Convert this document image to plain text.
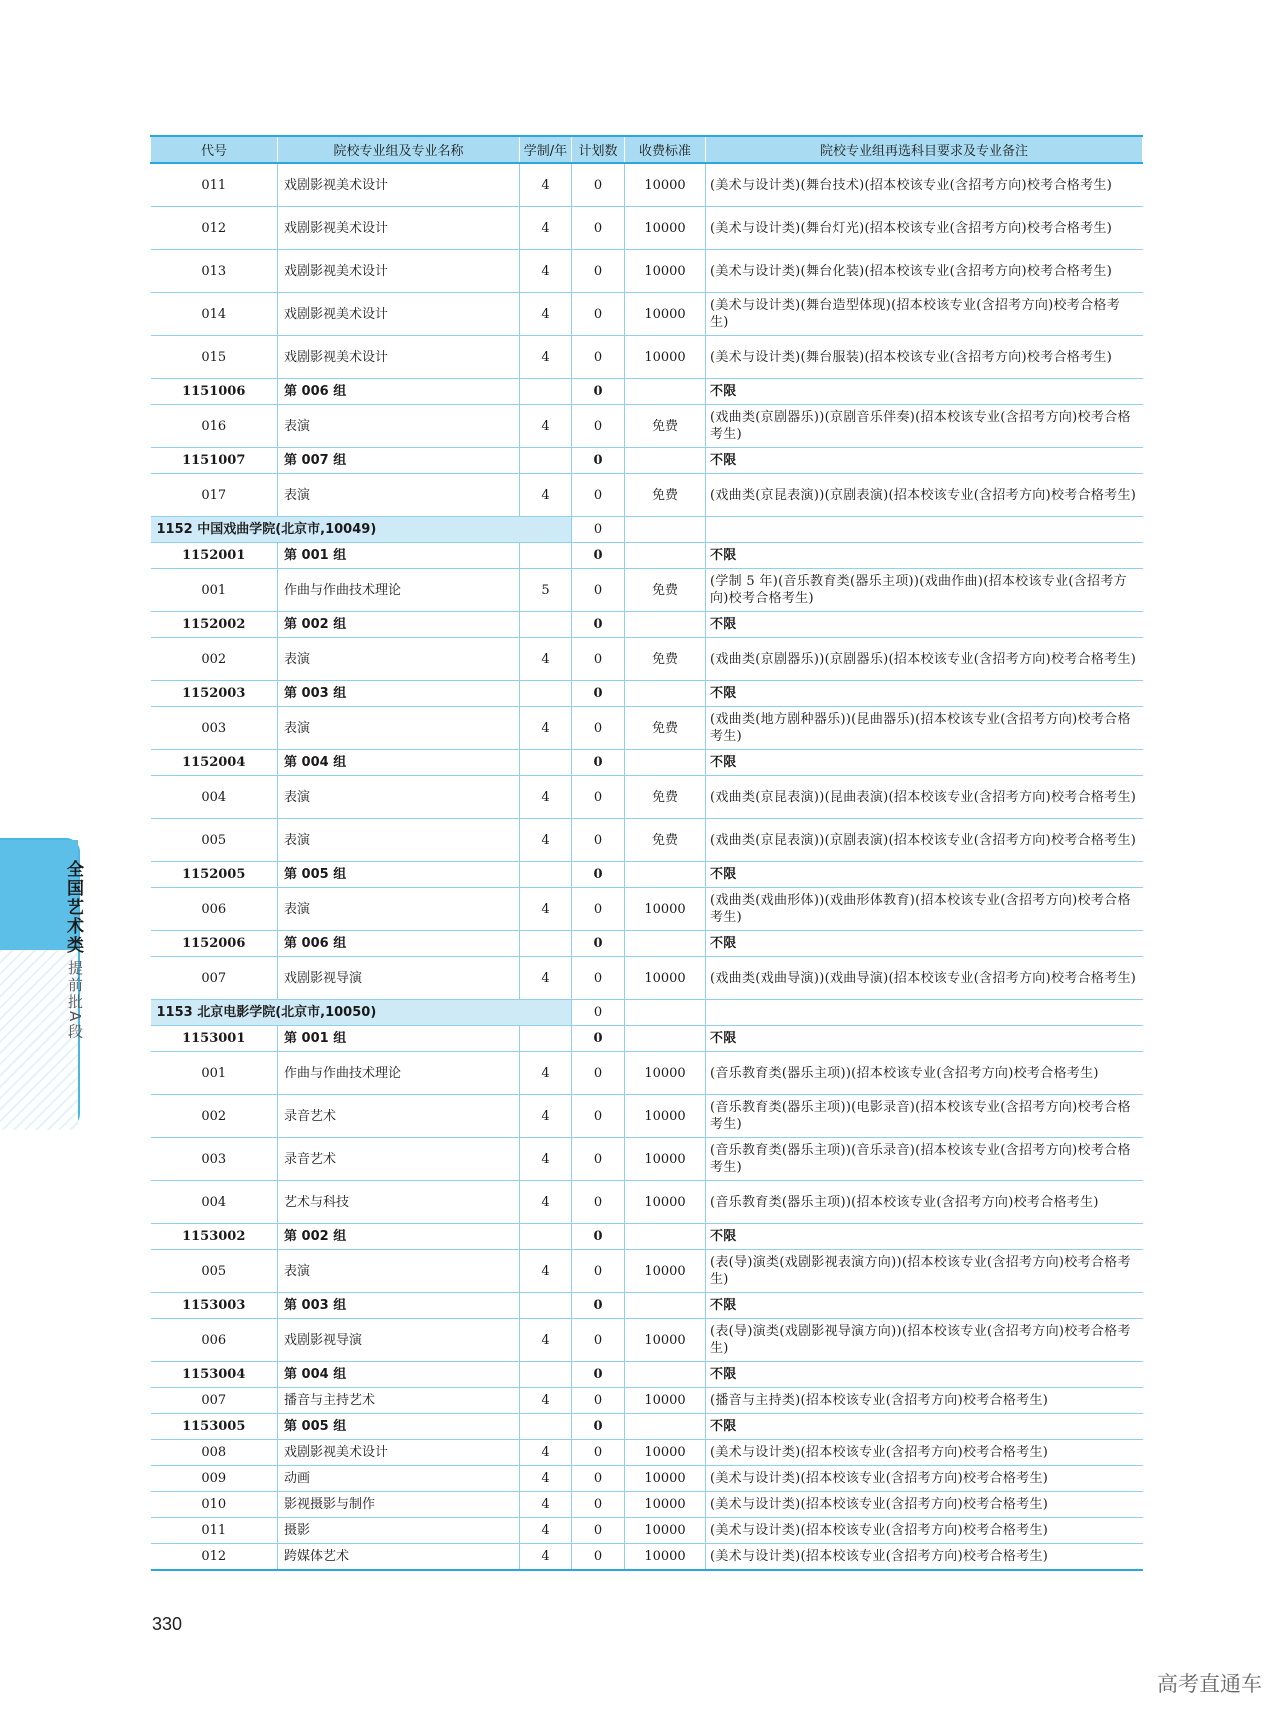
代号	院校专业组及专业名称	学制/年	计划数	收费标准	院校专业组再选科目要求及专业备注
011	戏剧影视美术设计	4	0	10000	(美术与设计类)(舞台技术)(招本校该专业(含招考方向)校考合格考生)
012	戏剧影视美术设计	4	0	10000	(美术与设计类)(舞台灯光)(招本校该专业(含招考方向)校考合格考生)
013	戏剧影视美术设计	4	0	10000	(美术与设计类)(舞台化装)(招本校该专业(含招考方向)校考合格考生)
014	戏剧影视美术设计	4	0	10000	(美术与设计类)(舞台造型体现)(招本校该专业(含招考方向)校考合格考生)
015	戏剧影视美术设计	4	0	10000	(美术与设计类)(舞台服装)(招本校该专业(含招考方向)校考合格考生)
1151006	第 006 组		0		不限
016	表演	4	0	免费	(戏曲类(京剧器乐))(京剧音乐伴奏)(招本校该专业(含招考方向)校考合格考生)
1151007	第 007 组		0		不限
017	表演	4	0	免费	(戏曲类(京昆表演))(京剧表演)(招本校该专业(含招考方向)校考合格考生)
1152 中国戏曲学院(北京市,10049)			0		
1152001	第 001 组		0		不限
001	作曲与作曲技术理论	5	0	免费	(学制 5 年)(音乐教育类(器乐主项))(戏曲作曲)(招本校该专业(含招考方向)校考合格考生)
1152002	第 002 组		0		不限
002	表演	4	0	免费	(戏曲类(京剧器乐))(京剧器乐)(招本校该专业(含招考方向)校考合格考生)
1152003	第 003 组		0		不限
003	表演	4	0	免费	(戏曲类(地方剧种器乐))(昆曲器乐)(招本校该专业(含招考方向)校考合格考生)
1152004	第 004 组		0		不限
004	表演	4	0	免费	(戏曲类(京昆表演))(昆曲表演)(招本校该专业(含招考方向)校考合格考生)
005	表演	4	0	免费	(戏曲类(京昆表演))(京剧表演)(招本校该专业(含招考方向)校考合格考生)
1152005	第 005 组		0		不限
006	表演	4	0	10000	(戏曲类(戏曲形体))(戏曲形体教育)(招本校该专业(含招考方向)校考合格考生)
1152006	第 006 组		0		不限
007	戏剧影视导演	4	0	10000	(戏曲类(戏曲导演))(戏曲导演)(招本校该专业(含招考方向)校考合格考生)
1153 北京电影学院(北京市,10050)			0		
1153001	第 001 组		0		不限
001	作曲与作曲技术理论	4	0	10000	(音乐教育类(器乐主项))(招本校该专业(含招考方向)校考合格考生)
002	录音艺术	4	0	10000	(音乐教育类(器乐主项))(电影录音)(招本校该专业(含招考方向)校考合格考生)
003	录音艺术	4	0	10000	(音乐教育类(器乐主项))(音乐录音)(招本校该专业(含招考方向)校考合格考生)
004	艺术与科技	4	0	10000	(音乐教育类(器乐主项))(招本校该专业(含招考方向)校考合格考生)
1153002	第 002 组		0		不限
005	表演	4	0	10000	(表(导)演类(戏剧影视表演方向))(招本校该专业(含招考方向)校考合格考生)
1153003	第 003 组		0		不限
006	戏剧影视导演	4	0	10000	(表(导)演类(戏剧影视导演方向))(招本校该专业(含招考方向)校考合格考生)
1153004	第 004 组		0		不限
007	播音与主持艺术	4	0	10000	(播音与主持类)(招本校该专业(含招考方向)校考合格考生)
1153005	第 005 组		0		不限
008	戏剧影视美术设计	4	0	10000	(美术与设计类)(招本校该专业(含招考方向)校考合格考生)
009	动画	4	0	10000	(美术与设计类)(招本校该专业(含招考方向)校考合格考生)
010	影视摄影与制作	4	0	10000	(美术与设计类)(招本校该专业(含招考方向)校考合格考生)
011	摄影	4	0	10000	(美术与设计类)(招本校该专业(含招考方向)校考合格考生)
012	跨媒体艺术	4	0	10000	(美术与设计类)(招本校该专业(含招考方向)校考合格考生)
全国艺术类
提前批A段
330
高考直通车
